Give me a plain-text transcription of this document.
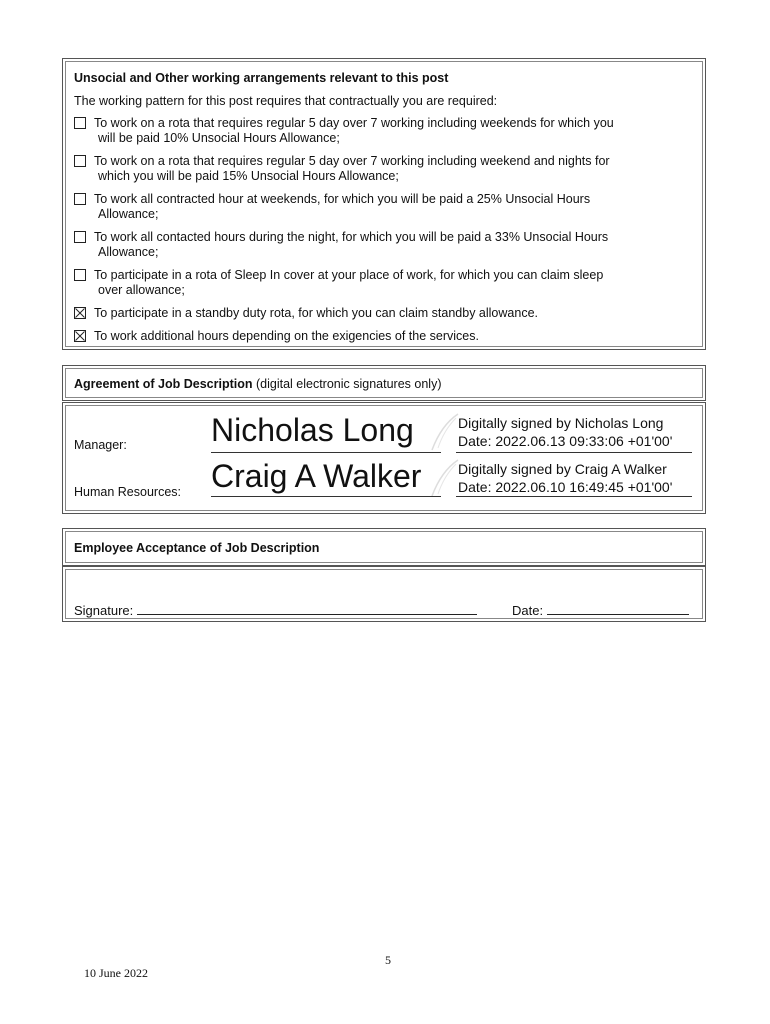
Unsocial and Other working arrangements relevant to this post
The working pattern for this post requires that contractually you are required:
To work on a rota that requires regular 5 day over 7 working including weekends for which you
will be paid 10% Unsocial Hours Allowance;
To work on a rota that requires regular 5 day over 7 working including weekend and nights for
which you will be paid 15% Unsocial Hours Allowance;
To work all contracted hour at weekends, for which you will be paid a 25% Unsocial Hours
Allowance;
To work all contacted hours during the night, for which you will be paid a 33% Unsocial Hours
Allowance;
To participate in a rota of Sleep In cover at your place of work, for which you can claim sleep
over allowance;
To participate in a standby duty rota, for which you can claim standby allowance.
To work additional hours depending on the exigencies of the services.
Agreement of Job Description (digital electronic signatures only)
Manager:	Nicholas Long	Digitally signed by Nicholas Long
Date: 2022.06.13 09:33:06 +01'00'
Human Resources: Craig A Walker	Digitally signed by Craig A Walker
Date: 2022.06.10 16:49:45 +01'00'
Employee Acceptance of Job Description
Signature:	Date:
5
10 June 2022
